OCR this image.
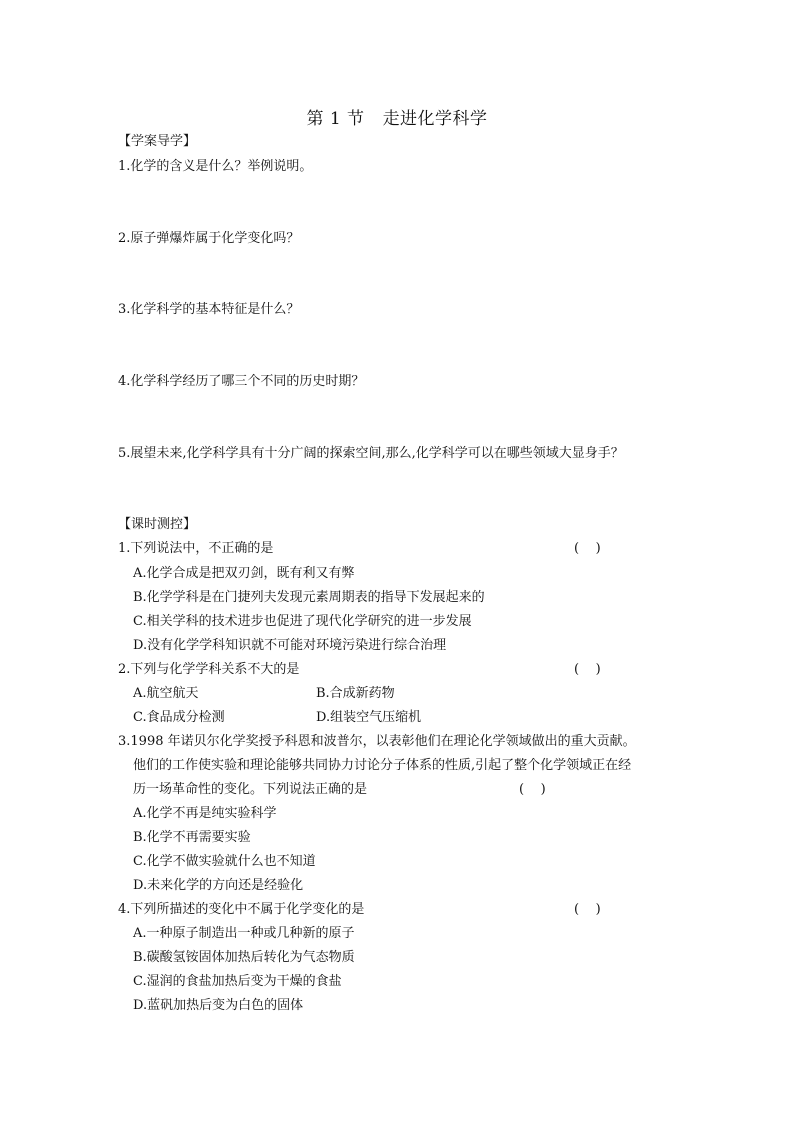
第 1 节 走进化学科学
【学案导学】
1.化学的含义是什么？举例说明。
2.原子弹爆炸属于化学变化吗？
3.化学科学的基本特征是什么？
4.化学科学经历了哪三个不同的历史时期？
5.展望未来,化学科学具有十分广阔的探索空间,那么,化学科学可以在哪些领域大显身手？
【课时测控】
1.下列说法中，不正确的是	(    )
A.化学合成是把双刃剑，既有利又有弊
B.化学学科是在门捷列夫发现元素周期表的指导下发展起来的
C.相关学科的技术进步也促进了现代化学研究的进一步发展
D.没有化学学科知识就不可能对环境污染进行综合治理
2.下列与化学学科关系不大的是	(    )
A.航空航天	B.合成新药物
C.食品成分检测	D.组装空气压缩机
3.1998 年诺贝尔化学奖授予科恩和波普尔，以表彰他们在理论化学领域做出的重大贡献。
他们的工作使实验和理论能够共同协力讨论分子体系的性质,引起了整个化学领域正在经
历一场革命性的变化。下列说法正确的是	(    )
A.化学不再是纯实验科学
B.化学不再需要实验
C.化学不做实验就什么也不知道
D.未来化学的方向还是经验化
4.下列所描述的变化中不属于化学变化的是	(    )
A.一种原子制造出一种或几种新的原子
B.碳酸氢铵固体加热后转化为气态物质
C.湿润的食盐加热后变为干燥的食盐
D.蓝矾加热后变为白色的固体
